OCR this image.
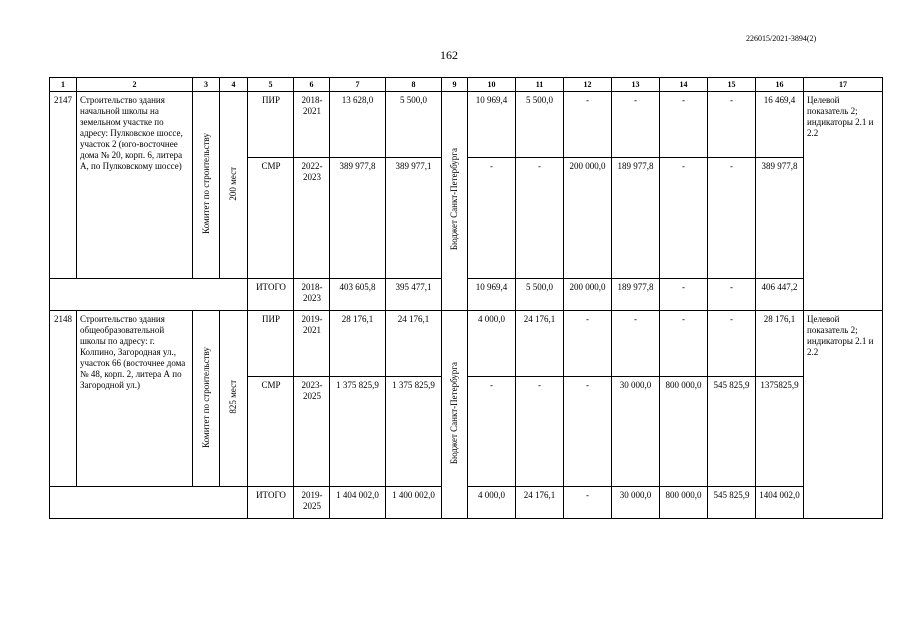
226015/2021-3894(2)
162
1	2	3	4	5	6	7	8	9	10	11	12	13	14	15	16	17
2147	Строительство здания начальной школы на земельном участке по адресу: Пулковское шоссе, участок 2 (юго-восточнее дома № 20, корп. 6, литера А, по Пулковскому шоссе)	Комитет по строительству	200 мест	ПИР	2018-2021	13 628,0	5 500,0	Бюджет Санкт-Петербурга	10 969,4	5 500,0	-	-	-	-	16 469,4	Целевой показатель 2; индикаторы 2.1 и 2.2
				СМР	2022-2023	389 977,8	389 977,1		-	-	200 000,0	189 977,8	-	-	389 977,8	
				ИТОГО	2018-2023	403 605,8	395 477,1		10 969,4	5 500,0	200 000,0	189 977,8	-	-	406 447,2	
2148	Строительство здания общеобразовательной школы по адресу: г. Колпино, Загородная ул., участок 66 (восточнее дома № 48, корп. 2, литера А по Загородной ул.)	Комитет по строительству	825 мест	ПИР	2019-2021	28 176,1	24 176,1	Бюджет Санкт-Петербурга	4 000,0	24 176,1	-	-	-	-	28 176,1	Целевой показатель 2; индикаторы 2.1 и 2.2
				СМР	2023-2025	1 375 825,9	1 375 825,9		-	-	-	30 000,0	800 000,0	545 825,9	1375825,9	
				ИТОГО	2019-2025	1 404 002,0	1 400 002,0		4 000,0	24 176,1	-	30 000,0	800 000,0	545 825,9	1404 002,0	
